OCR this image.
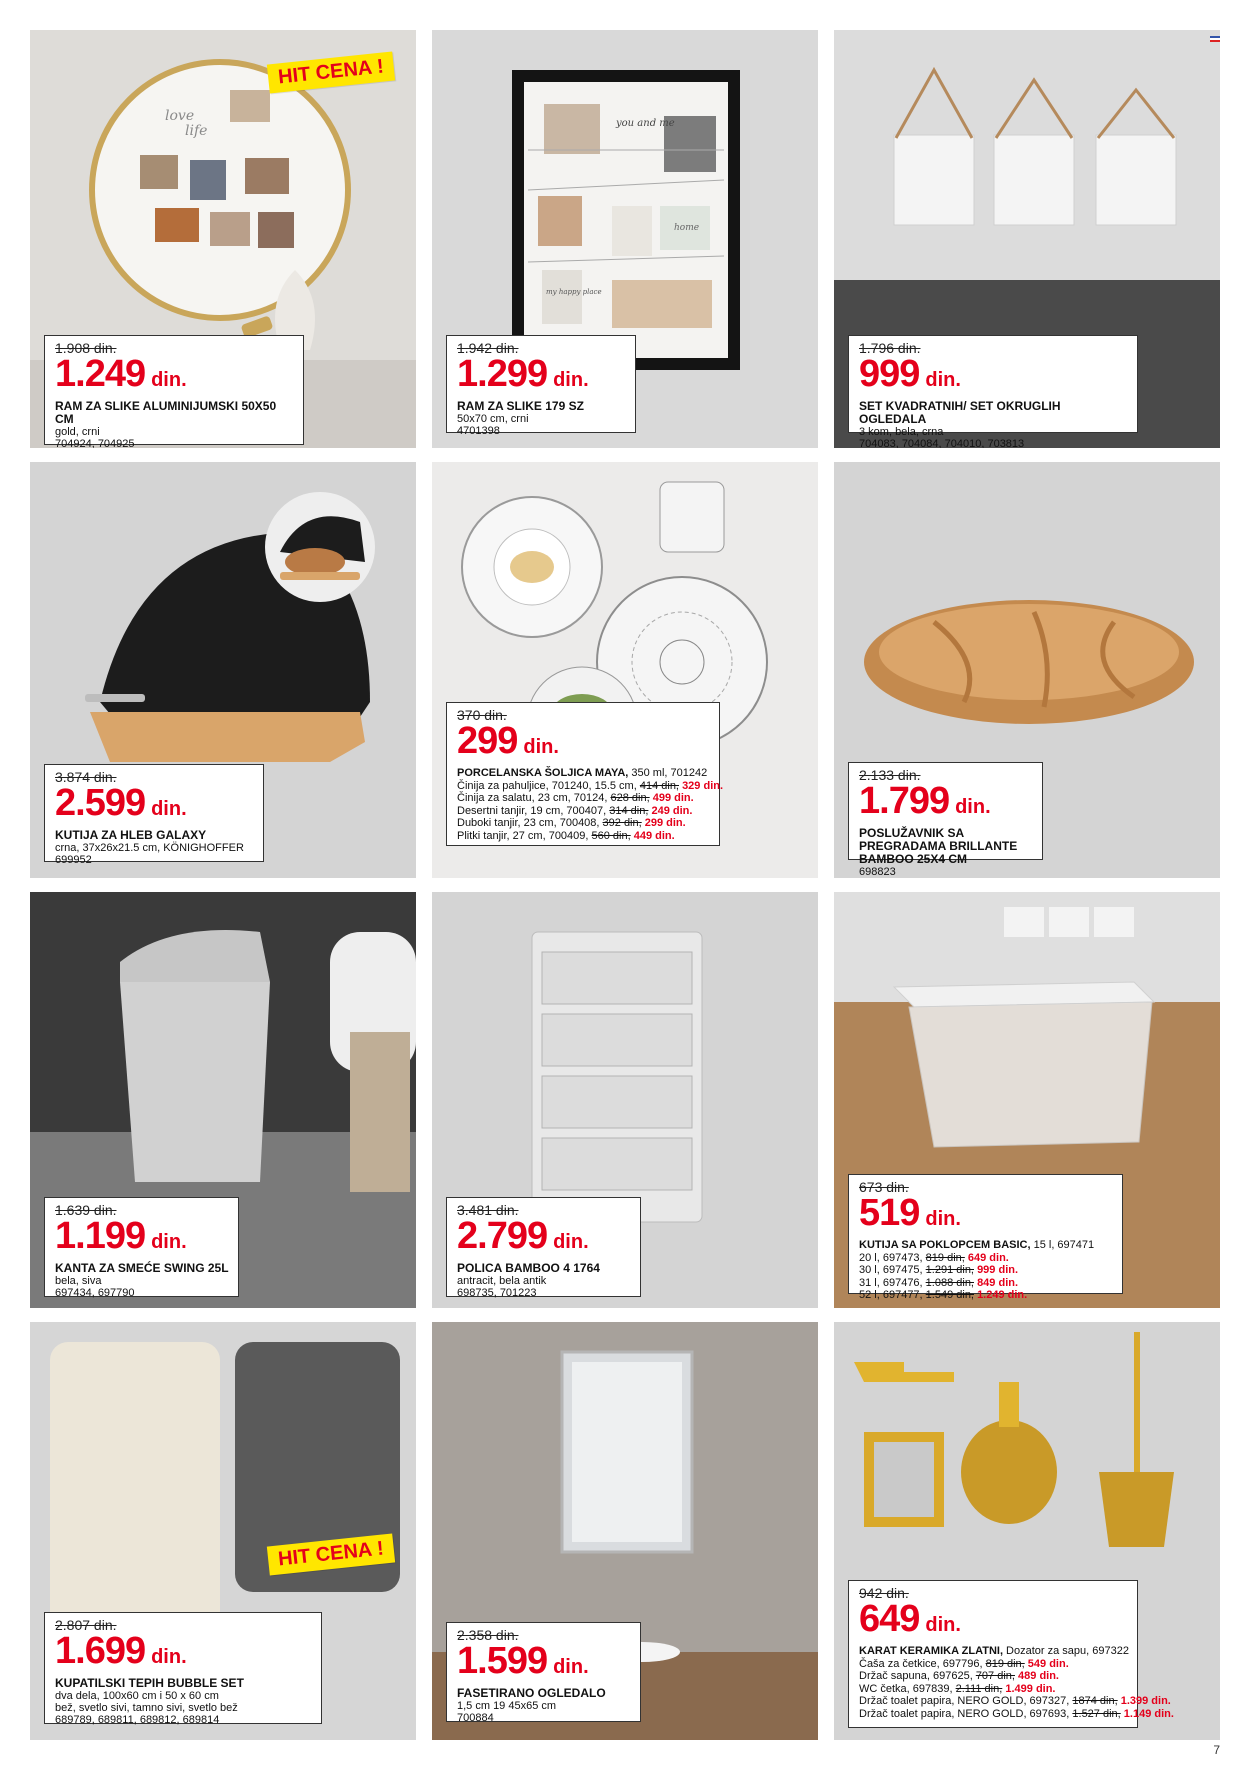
love
life
HIT CENA !
1.908 din.
1.249 din.
RAM ZA SLIKE ALUMINIJUMSKI 50X50 CM
gold, crni
704924, 704925
you and me
home
my happy place
1.942 din.
1.299 din.
RAM ZA SLIKE 179 SZ
50x70 cm, crni
4701398
1.796 din.
999 din.
SET KVADRATNIH/ SET OKRUGLIH OGLEDALA
3 kom, bela, crna
704083, 704084, 704010, 703813
3.874 din.
2.599 din.
KUTIJA ZA HLEB GALAXY
crna, 37x26x21.5 cm, KÖNIGHOFFER
699952
370 din.
299 din.
PORCELANSKA ŠOLJICA MAYA, 350 ml, 701242
Činija za pahuljice, 701240, 15.5 cm, 414 din, 329 din.
Činija za salatu, 23 cm, 70124, 628 din, 499 din.
Desertni tanjir, 19 cm, 700407, 314 din, 249 din.
Duboki tanjir, 23 cm, 700408, 392 din, 299 din.
Plitki tanjir, 27 cm, 700409, 560 din, 449 din.
2.133 din.
1.799 din.
POSLUŽAVNIK SA PREGRADAMA BRILLANTE BAMBOO 25X4 CM
698823
1.639 din.
1.199 din.
KANTA ZA SMEĆE SWING 25L
bela, siva
697434, 697790
3.481 din.
2.799 din.
POLICA BAMBOO 4 1764
antracit, bela antik
698735, 701223
673 din.
519 din.
KUTIJA SA POKLOPCEM BASIC, 15 l, 697471
20 l, 697473, 819 din, 649 din.
30 l, 697475, 1.291 din, 999 din.
31 l, 697476, 1.088 din, 849 din.
52 l, 697477, 1.549 din, 1.249 din.
HIT CENA !
2.807 din.
1.699 din.
KUPATILSKI TEPIH BUBBLE SET
dva dela, 100x60 cm i 50 x 60 cm
bež, svetlo sivi, tamno sivi, svetlo bež
689789, 689811, 689812, 689814
2.358 din.
1.599 din.
FASETIRANO OGLEDALO
1,5 cm 19 45x65 cm
700884
942 din.
649 din.
KARAT KERAMIKA ZLATNI, Dozator za sapu, 697322
Čaša za četkice, 697796, 819 din, 549 din.
Držač sapuna, 697625, 707 din, 489 din.
WC četka, 697839, 2.111 din, 1.499 din.
Držač toalet papira, NERO GOLD, 697327, 1874 din, 1.399 din.
Držač toalet papira, NERO GOLD, 697693, 1.527 din, 1.149 din.
7
